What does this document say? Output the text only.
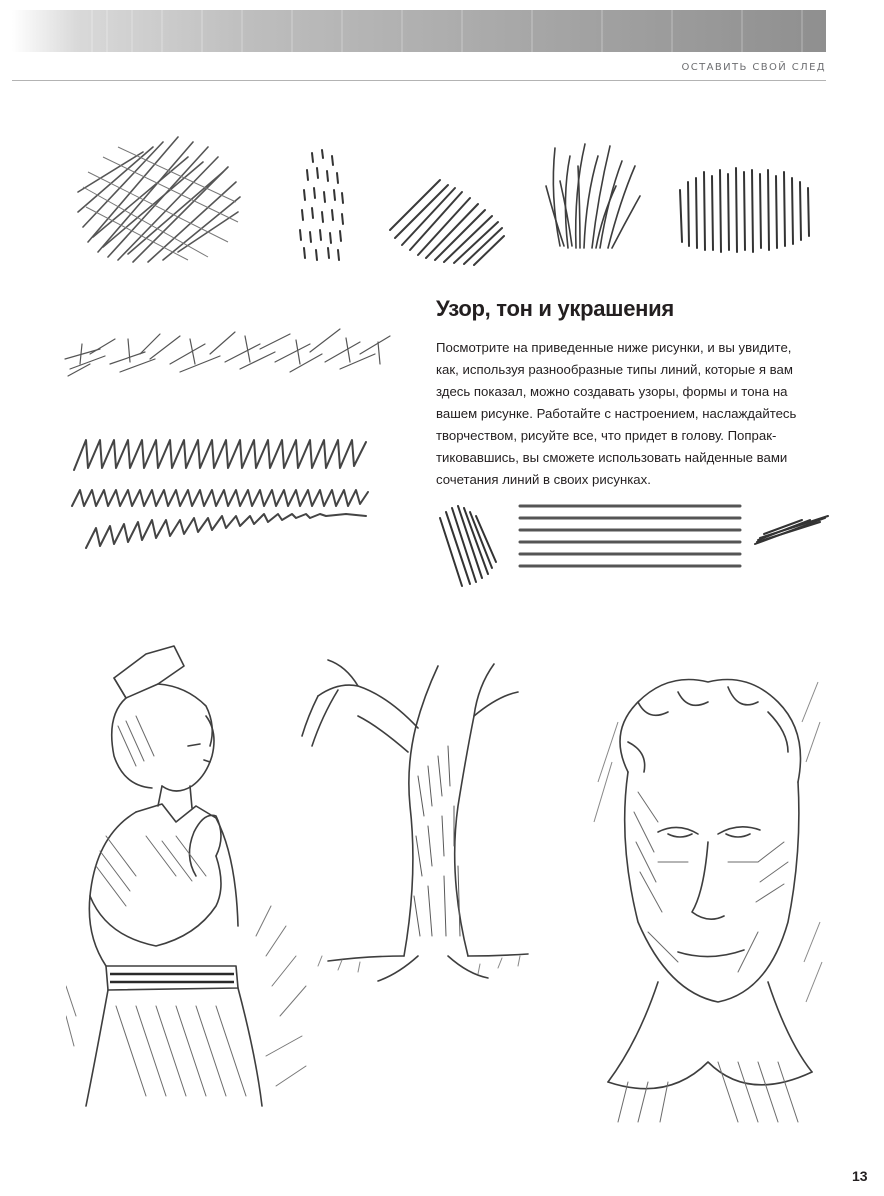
ОСТАВИТЬ СВОЙ СЛЕД
Узор, тон и украшения
Посмотрите на приведенные ниже рисунки, и вы увидите,
как, используя разнообразные типы линий, которые я вам
здесь показал, можно создавать узоры, формы и тона на
вашем рисунке. Работайте с настроением, наслаждайтесь
творчеством, рисуйте все, что придет в голову. Попрак-
тиковавшись, вы сможете использовать найденные вами
сочетания линий в своих рисунках.
13
